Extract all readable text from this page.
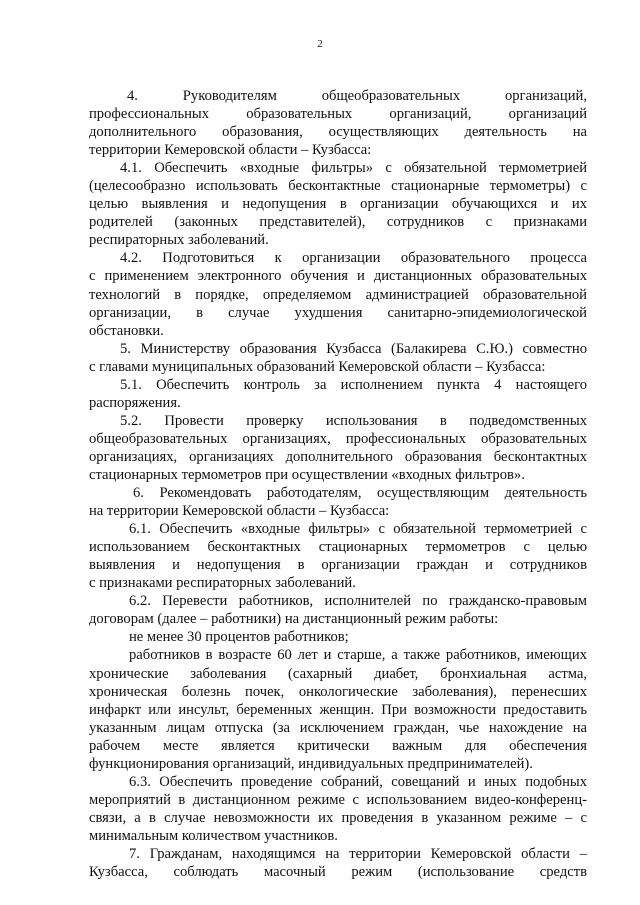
2

4. Руководителям общеобразовательных организаций,

профессиональных образовательных организаций, организаций

дополнительного образования, осуществляющих деятельность на

территории Кемеровской области – Кузбасса:

4.1. Обеспечить «входные фильтры» с обязательной термометрией

(целесообразно использовать бесконтактные стационарные термометры) с

целью выявления и недопущения в организации обучающихся и их

родителей (законных представителей), сотрудников с признаками

респираторных заболеваний.

4.2. Подготовиться к организации образовательного процесса

с применением электронного обучения и дистанционных образовательных

технологий в порядке, определяемом администрацией образовательной

организации, в случае ухудшения санитарно-эпидемиологической

обстановки.

5. Министерству образования Кузбасса (Балакирева С.Ю.) совместно

с главами муниципальных образований Кемеровской области – Кузбасса:

5.1. Обеспечить контроль за исполнением пункта 4 настоящего

распоряжения.

5.2. Провести проверку использования в подведомственных

общеобразовательных организациях, профессиональных образовательных

организациях, организациях дополнительного образования бесконтактных

стационарных термометров при осуществлении «входных фильтров».

6. Рекомендовать работодателям, осуществляющим деятельность

на территории Кемеровской области – Кузбасса:

6.1. Обеспечить «входные фильтры» с обязательной термометрией с

использованием бесконтактных стационарных термометров с целью

выявления и недопущения в организации граждан и сотрудников

с признаками респираторных заболеваний.

6.2. Перевести работников, исполнителей по гражданско-правовым

договорам (далее – работники) на дистанционный режим работы:

не менее 30 процентов работников;

работников в возрасте 60 лет и старше, а также работников, имеющих

хронические заболевания (сахарный диабет, бронхиальная астма,

хроническая болезнь почек, онкологические заболевания), перенесших

инфаркт или инсульт, беременных женщин. При возможности предоставить

указанным лицам отпуска (за исключением граждан, чье нахождение на

рабочем месте является критически важным для обеспечения

функционирования организаций, индивидуальных предпринимателей).

6.3. Обеспечить проведение собраний, совещаний и иных подобных

мероприятий в дистанционном режиме с использованием видео-конференц-

связи, а в случае невозможности их проведения в указанном режиме – с

минимальным количеством участников.

7. Гражданам, находящимся на территории Кемеровской области –

Кузбасса, соблюдать масочный режим (использование средств
